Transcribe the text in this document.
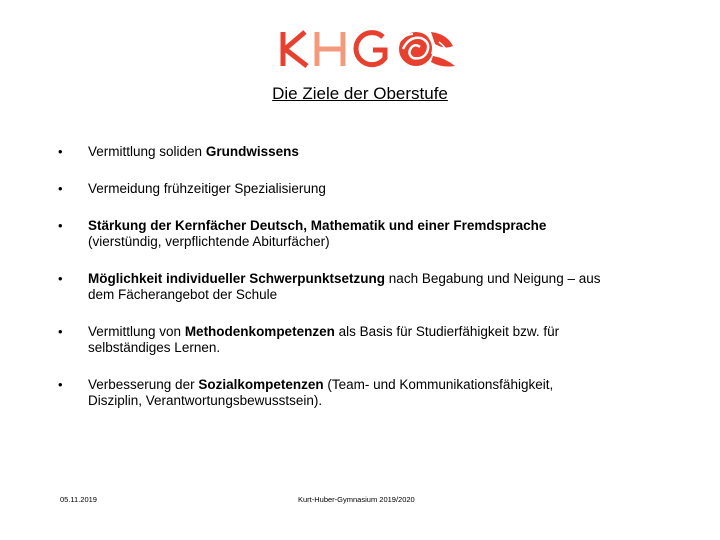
Die Ziele der Oberstufe
• Vermittlung soliden Grundwissens
• Vermeidung frühzeitiger Spezialisierung
• Stärkung der Kernfächer Deutsch, Mathematik und einer Fremdsprache
(vierstündig, verpflichtende Abiturfächer)
• Möglichkeit individueller Schwerpunktsetzung nach Begabung und Neigung – aus
dem Fächerangebot der Schule
• Vermittlung von Methodenkompetenzen als Basis für Studierfähigkeit bzw. für
selbständiges Lernen.
• Verbesserung der Sozialkompetenzen (Team- und Kommunikationsfähigkeit,
Disziplin, Verantwortungsbewusstsein).
05.11.2019	Kurt-Huber-Gymnasium 2019/2020
